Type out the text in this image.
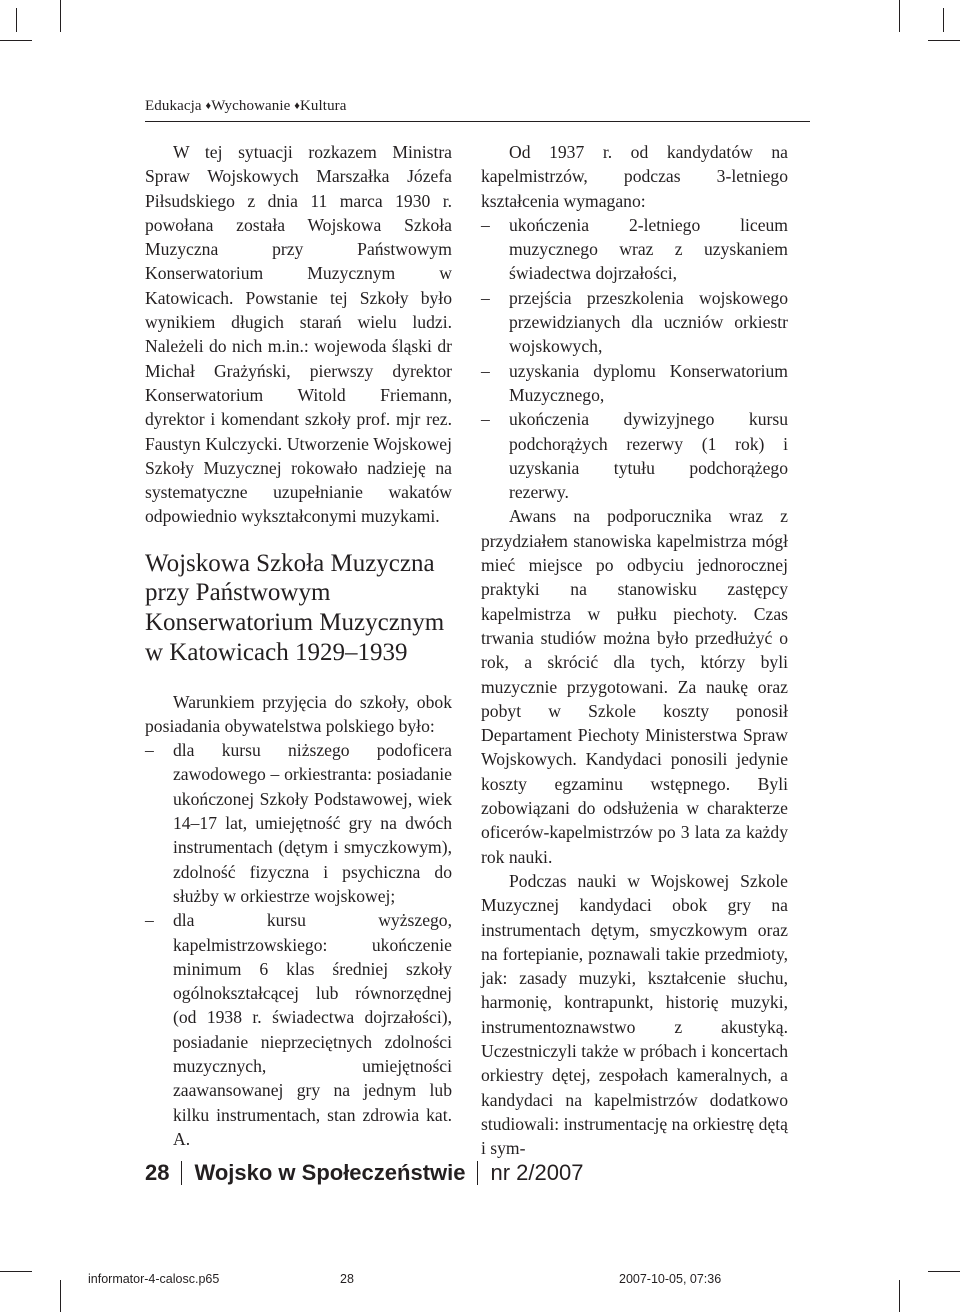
Edukacja ♦Wychowanie ♦Kultura

W tej sytuacji rozkazem Ministra Spraw Wojskowych Marszałka Józefa Piłsudskiego z dnia 11 marca 1930 r. powołana została Wojskowa Szkoła Muzyczna przy Państwowym Konserwatorium Muzycznym w Katowicach. Powstanie tej Szkoły było wynikiem długich starań wielu ludzi. Należeli do nich m.in.: wojewoda śląski dr Michał Grażyński, pierwszy dyrektor Konserwatorium Witold Friemann, dyrektor i komendant szkoły prof. mjr rez. Faustyn Kulczycki. Utworzenie Wojskowej Szkoły Muzycznej rokowało nadzieję na systematyczne uzupełnianie wakatów odpowiednio wykształconymi muzykami.

Wojskowa Szkoła Muzyczna przy Państwowym Konserwatorium Muzycznym w Katowicach 1929–1939

Warunkiem przyjęcia do szkoły, obok posiadania obywatelstwa polskiego było:

– dla kursu niższego podoficera zawodowego – orkiestranta: posiadanie ukończonej Szkoły Podstawowej, wiek 14–17 lat, umiejętność gry na dwóch instrumentach (dętym i smyczkowym), zdolność fizyczna i psychiczna do służby w orkiestrze wojskowej;
– dla kursu wyższego, kapelmistrzowskiego: ukończenie minimum 6 klas średniej szkoły ogólnokształcącej lub równorzędnej (od 1938 r. świadectwa dojrzałości), posiadanie nieprzeciętnych zdolności muzycznych, umiejętności zaawansowanej gry na jednym lub kilku instrumentach, stan zdrowia kat. A.

Od 1937 r. od kandydatów na kapelmistrzów, podczas 3-letniego kształcenia wymagano:

– ukończenia 2-letniego liceum muzycznego wraz z uzyskaniem świadectwa dojrzałości,
– przejścia przeszkolenia wojskowego przewidzianych dla uczniów orkiestr wojskowych,
– uzyskania dyplomu Konserwatorium Muzycznego,
– ukończenia dywizyjnego kursu podchorążych rezerwy (1 rok) i uzyskania tytułu podchorążego rezerwy.

Awans na podporucznika wraz z przydziałem stanowiska kapelmistrza mógł mieć miejsce po odbyciu jednorocznej praktyki na stanowisku zastępcy kapelmistrza w pułku piechoty. Czas trwania studiów można było przedłużyć o rok, a skrócić dla tych, którzy byli muzycznie przygotowani. Za naukę oraz pobyt w Szkole koszty ponosił Departament Piechoty Ministerstwa Spraw Wojskowych. Kandydaci ponosili jedynie koszty egzaminu wstępnego. Byli zobowiązani do odsłużenia w charakterze oficerów-kapelmistrzów po 3 lata za każdy rok nauki.

Podczas nauki w Wojskowej Szkole Muzycznej kandydaci obok gry na instrumentach dętym, smyczkowym oraz na fortepianie, poznawali takie przedmioty, jak: zasady muzyki, kształcenie słuchu, harmonię, kontrapunkt, historię muzyki, instrumentoznawstwo z akustyką. Uczestniczyli także w próbach i koncertach orkiestry dętej, zespołach kameralnych, a kandydaci na kapelmistrzów dodatkowo studiowali: instrumentację na orkiestrę dętą i sym-

28 Wojsko w Społeczeństwie nr 2/2007
informator-4-calosc.p65	28	2007-10-05, 07:36
